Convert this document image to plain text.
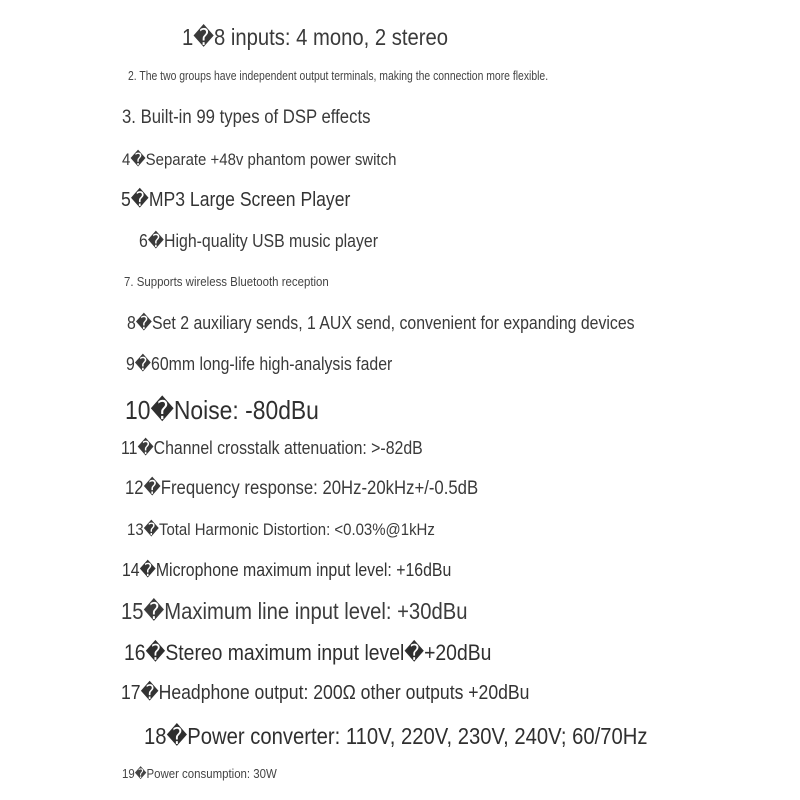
1�8 inputs: 4 mono, 2 stereo
2. The two groups have independent output terminals, making the connection more flexible.
3. Built-in 99 types of DSP effects
4�Separate +48v phantom power switch
5�MP3 Large Screen Player
6�High-quality USB music player
7. Supports wireless Bluetooth reception
8�Set 2 auxiliary sends, 1 AUX send, convenient for expanding devices
9�60mm long-life high-analysis fader
10�Noise: -80dBu
11�Channel crosstalk attenuation: >-82dB
12�Frequency response: 20Hz-20kHz+/-0.5dB
13�Total Harmonic Distortion: <0.03%@1kHz
14�Microphone maximum input level: +16dBu
15�Maximum line input level: +30dBu
16�Stereo maximum input level�+20dBu
17�Headphone output: 200Ω other outputs +20dBu
18�Power converter: 110V, 220V, 230V, 240V; 60/70Hz
19�Power consumption: 30W
